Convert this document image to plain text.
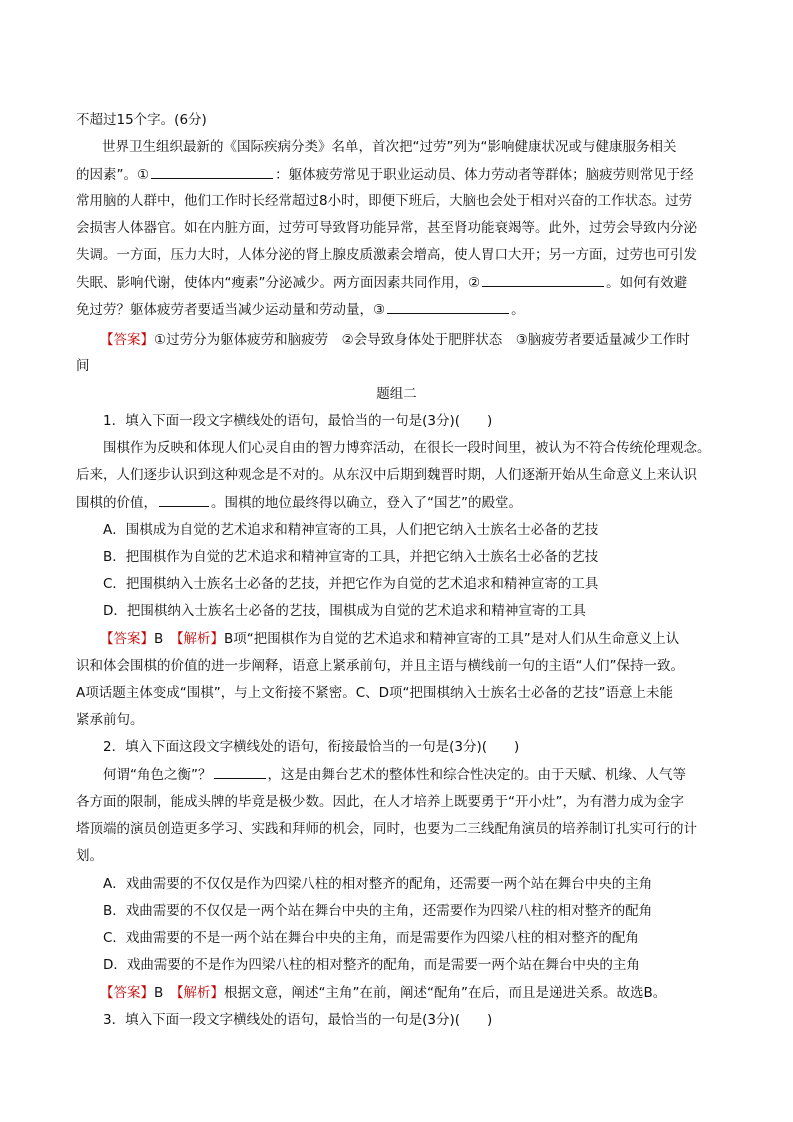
不超过15个字。(6分)
世界卫生组织最新的《国际疾病分类》名单，首次把“过劳”列为“影响健康状况或与健康服务相关
的因素”。①	：躯体疲劳常见于职业运动员、体力劳动者等群体；脑疲劳则常见于经
常用脑的人群中，他们工作时长经常超过8小时，即便下班后，大脑也会处于相对兴奋的工作状态。过劳
会损害人体器官。如在内脏方面，过劳可导致肾功能异常，甚至肾功能衰竭等。此外，过劳会导致内分泌
失调。一方面，压力大时，人体分泌的肾上腺皮质激素会增高，使人胃口大开；另一方面，过劳也可引发
失眠、影响代谢，使体内“瘦素”分泌减少。两方面因素共同作用，②	。如何有效避
免过劳？躯体疲劳者要适当减少运动量和劳动量，③	。
【答案】①过劳分为躯体疲劳和脑疲劳　②会导致身体处于肥胖状态　③脑疲劳者要适量减少工作时
间
题组二
1．填入下面一段文字横线处的语句，最恰当的一句是(3分)(　　)
围棋作为反映和体现人们心灵自由的智力博弈活动，在很长一段时间里，被认为不符合传统伦理观念。
后来，人们逐步认识到这种观念是不对的。从东汉中后期到魏晋时期，人们逐渐开始从生命意义上来认识
围棋的价值，	。围棋的地位最终得以确立，登入了“国艺”的殿堂。
A．围棋成为自觉的艺术追求和精神宣寄的工具，人们把它纳入士族名士必备的艺技
B．把围棋作为自觉的艺术追求和精神宣寄的工具，并把它纳入士族名士必备的艺技
C．把围棋纳入士族名士必备的艺技，并把它作为自觉的艺术追求和精神宣寄的工具
D．把围棋纳入士族名士必备的艺技，围棋成为自觉的艺术追求和精神宣寄的工具
【答案】B　【解析】B项“把围棋作为自觉的艺术追求和精神宣寄的工具”是对人们从生命意义上认
识和体会围棋的价值的进一步阐释，语意上紧承前句，并且主语与横线前一句的主语“人们”保持一致。
A项话题主体变成“围棋”，与上文衔接不紧密。C、D项“把围棋纳入士族名士必备的艺技”语意上未能
紧承前句。
2．填入下面这段文字横线处的语句，衔接最恰当的一句是(3分)(　　)
何谓“角色之衡”？	，这是由舞台艺术的整体性和综合性决定的。由于天赋、机缘、人气等
各方面的限制，能成头牌的毕竟是极少数。因此，在人才培养上既要勇于“开小灶”，为有潜力成为金字
塔顶端的演员创造更多学习、实践和拜师的机会，同时，也要为二三线配角演员的培养制订扎实可行的计
划。
A．戏曲需要的不仅仅是作为四梁八柱的相对整齐的配角，还需要一两个站在舞台中央的主角
B．戏曲需要的不仅仅是一两个站在舞台中央的主角，还需要作为四梁八柱的相对整齐的配角
C．戏曲需要的不是一两个站在舞台中央的主角，而是需要作为四梁八柱的相对整齐的配角
D．戏曲需要的不是作为四梁八柱的相对整齐的配角，而是需要一两个站在舞台中央的主角
【答案】B　【解析】根据文意，阐述“主角”在前，阐述“配角”在后，而且是递进关系。故选B。
3．填入下面一段文字横线处的语句，最恰当的一句是(3分)(　　)
